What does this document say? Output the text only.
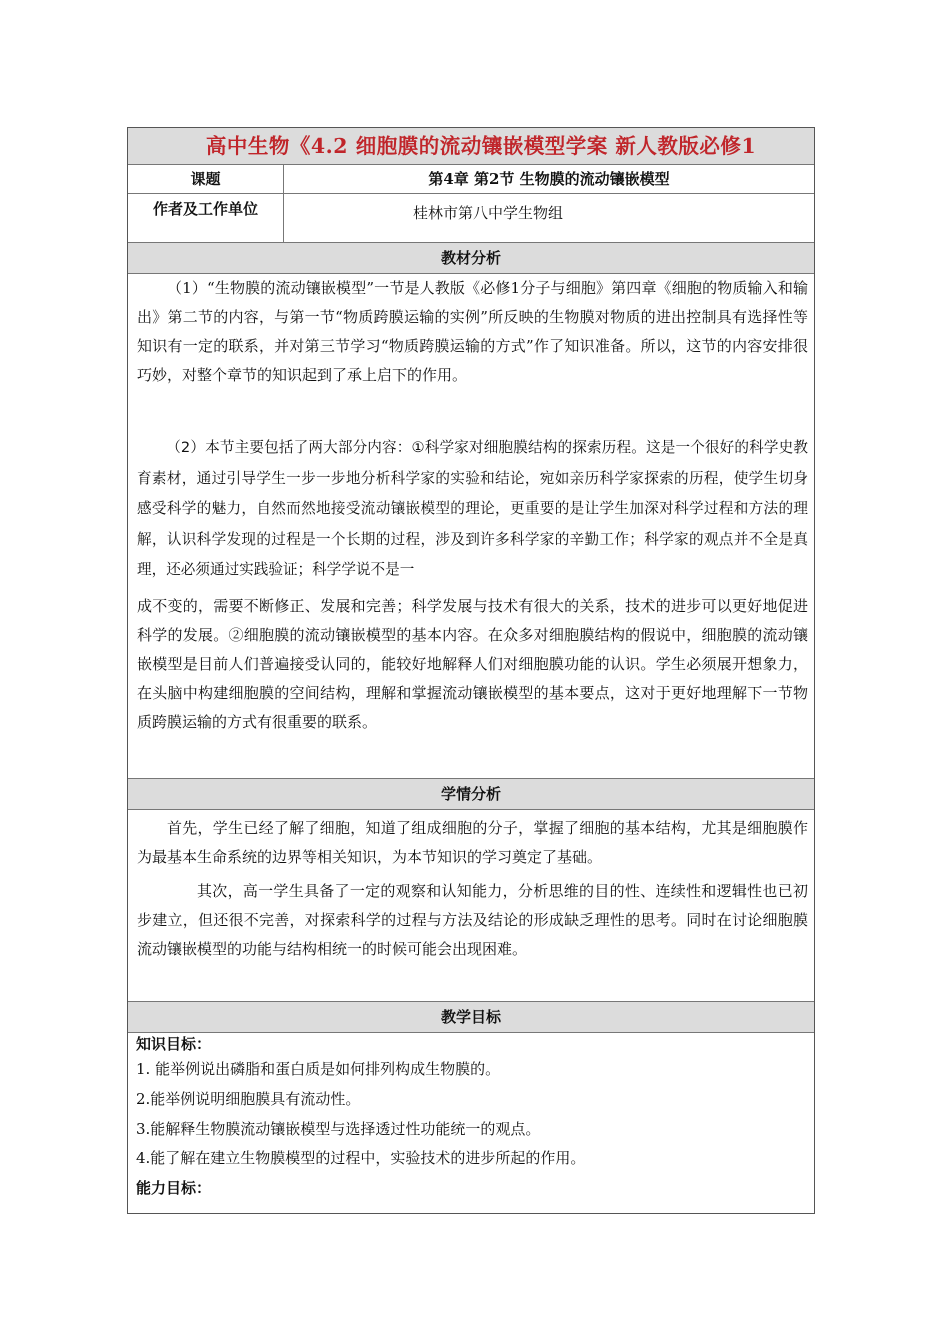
高中生物《4.2 细胞膜的流动镶嵌模型学案 新人教版必修1
课题	第4章 第2节 生物膜的流动镶嵌模型
作者及工作单位	桂林市第八中学生物组
教材分析

（1）“生物膜的流动镶嵌模型”一节是人教版《必修1分子与细胞》第四章《细胞的物质输入和输出》第二节的内容，与第一节“物质跨膜运输的实例”所反映的生物膜对物质的进出控制具有选择性等知识有一定的联系，并对第三节学习“物质跨膜运输的方式”作了知识准备。所以，这节的内容安排很巧妙，对整个章节的知识起到了承上启下的作用。

（2）本节主要包括了两大部分内容：①科学家对细胞膜结构的探索历程。这是一个很好的科学史教育素材，通过引导学生一步一步地分析科学家的实验和结论，宛如亲历科学家探索的历程，使学生切身感受科学的魅力，自然而然地接受流动镶嵌模型的理论，更重要的是让学生加深对科学过程和方法的理解，认识科学发现的过程是一个长期的过程，涉及到许多科学家的辛勤工作；科学家的观点并不全是真理，还必须通过实践验证；科学学说不是一

成不变的，需要不断修正、发展和完善；科学发展与技术有很大的关系，技术的进步可以更好地促进科学的发展。②细胞膜的流动镶嵌模型的基本内容。在众多对细胞膜结构的假说中，细胞膜的流动镶嵌模型是目前人们普遍接受认同的，能较好地解释人们对细胞膜功能的认识。学生必须展开想象力，在头脑中构建细胞膜的空间结构，理解和掌握流动镶嵌模型的基本要点，这对于更好地理解下一节物质跨膜运输的方式有很重要的联系。

学情分析

首先，学生已经了解了细胞，知道了组成细胞的分子，掌握了细胞的基本结构，尤其是细胞膜作为最基本生命系统的边界等相关知识，为本节知识的学习奠定了基础。

其次，高一学生具备了一定的观察和认知能力，分析思维的目的性、连续性和逻辑性也已初步建立，但还很不完善，对探索科学的过程与方法及结论的形成缺乏理性的思考。同时在讨论细胞膜流动镶嵌模型的功能与结构相统一的时候可能会出现困难。

教学目标

知识目标：

1. 能举例说出磷脂和蛋白质是如何排列构成生物膜的。

2.能举例说明细胞膜具有流动性。

3.能解释生物膜流动镶嵌模型与选择透过性功能统一的观点。

4.能了解在建立生物膜模型的过程中，实验技术的进步所起的作用。

能力目标：
